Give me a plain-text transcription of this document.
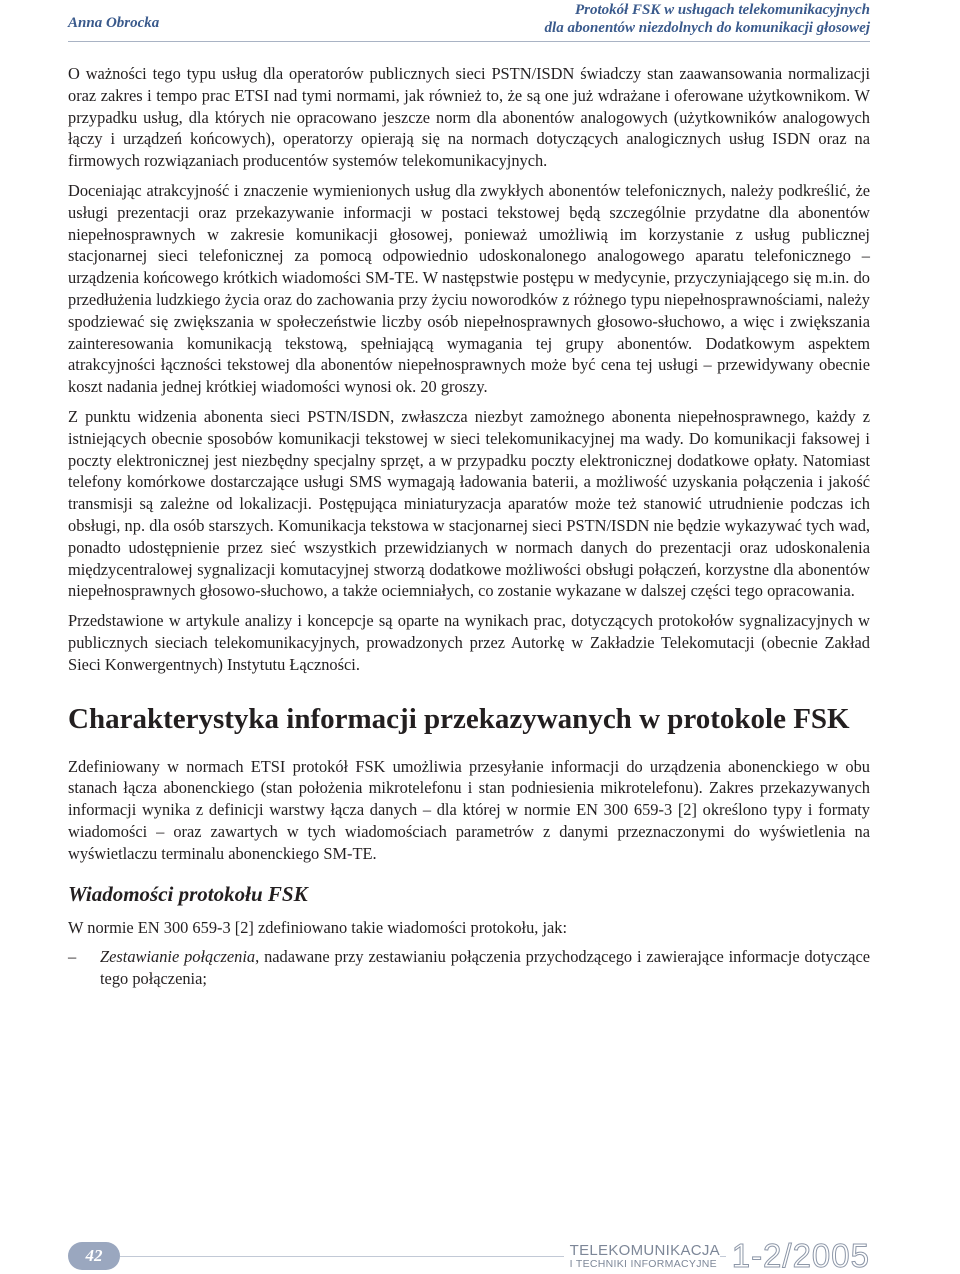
Anna Obrocka
Protokół FSK w usługach telekomunikacyjnych
dla abonentów niezdolnych do komunikacji głosowej

O ważności tego typu usług dla operatorów publicznych sieci PSTN/ISDN świadczy stan zaawansowania normalizacji oraz zakres i tempo prac ETSI nad tymi normami, jak również to, że są one już wdrażane i oferowane użytkownikom. W przypadku usług, dla których nie opracowano jeszcze norm dla abonentów analogowych (użytkowników analogowych łączy i urządzeń końcowych), operatorzy opierają się na normach dotyczących analogicznych usług ISDN oraz na firmowych rozwiązaniach producentów systemów telekomunikacyjnych.

Doceniając atrakcyjność i znaczenie wymienionych usług dla zwykłych abonentów telefonicznych, należy podkreślić, że usługi prezentacji oraz przekazywanie informacji w postaci tekstowej będą szczególnie przydatne dla abonentów niepełnosprawnych w zakresie komunikacji głosowej, ponieważ umożliwią im korzystanie z usług publicznej stacjonarnej sieci telefonicznej za pomocą odpowiednio udoskonalonego analogowego aparatu telefonicznego – urządzenia końcowego krótkich wiadomości SM-TE. W następstwie postępu w medycynie, przyczyniającego się m.in. do przedłużenia ludzkiego życia oraz do zachowania przy życiu noworodków z różnego typu niepełnosprawnościami, należy spodziewać się zwiększania w społeczeństwie liczby osób niepełnosprawnych głosowo-słuchowo, a więc i zwiększania zainteresowania komunikacją tekstową, spełniającą wymagania tej grupy abonentów. Dodatkowym aspektem atrakcyjności łączności tekstowej dla abonentów niepełnosprawnych może być cena tej usługi – przewidywany obecnie koszt nadania jednej krótkiej wiadomości wynosi ok. 20 groszy.

Z punktu widzenia abonenta sieci PSTN/ISDN, zwłaszcza niezbyt zamożnego abonenta niepełnosprawnego, każdy z istniejących obecnie sposobów komunikacji tekstowej w sieci telekomunikacyjnej ma wady. Do komunikacji faksowej i poczty elektronicznej jest niezbędny specjalny sprzęt, a w przypadku poczty elektronicznej dodatkowe opłaty. Natomiast telefony komórkowe dostarczające usługi SMS wymagają ładowania baterii, a możliwość uzyskania połączenia i jakość transmisji są zależne od lokalizacji. Postępująca miniaturyzacja aparatów może też stanowić utrudnienie podczas ich obsługi, np. dla osób starszych. Komunikacja tekstowa w stacjonarnej sieci PSTN/ISDN nie będzie wykazywać tych wad, ponadto udostępnienie przez sieć wszystkich przewidzianych w normach danych do prezentacji oraz udoskonalenia międzycentralowej sygnalizacji komutacyjnej stworzą dodatkowe możliwości obsługi połączeń, korzystne dla abonentów niepełnosprawnych głosowo-słuchowo, a także ociemniałych, co zostanie wykazane w dalszej części tego opracowania.

Przedstawione w artykule analizy i koncepcje są oparte na wynikach prac, dotyczących protokołów sygnalizacyjnych w publicznych sieciach telekomunikacyjnych, prowadzonych przez Autorkę w Zakładzie Telekomutacji (obecnie Zakład Sieci Konwergentnych) Instytutu Łączności.

Charakterystyka informacji przekazywanych w protokole FSK

Zdefiniowany w normach ETSI protokół FSK umożliwia przesyłanie informacji do urządzenia abonenckiego w obu stanach łącza abonenckiego (stan położenia mikrotelefonu i stan podniesienia mikrotelefonu). Zakres przekazywanych informacji wynika z definicji warstwy łącza danych – dla której w normie EN 300 659-3 [2] określono typy i formaty wiadomości – oraz zawartych w tych wiadomościach parametrów z danymi przeznaczonymi do wyświetlenia na wyświetlaczu terminalu abonenckiego SM-TE.

Wiadomości protokołu FSK

W normie EN 300 659-3 [2] zdefiniowano takie wiadomości protokołu, jak:

– Zestawianie połączenia, nadawane przy zestawianiu połączenia przychodzącego i zawierające informacje dotyczące tego połączenia;
42	TELEKOMUNIKACJA
I TECHNIKI INFORMACYJNE 1-2/2005
